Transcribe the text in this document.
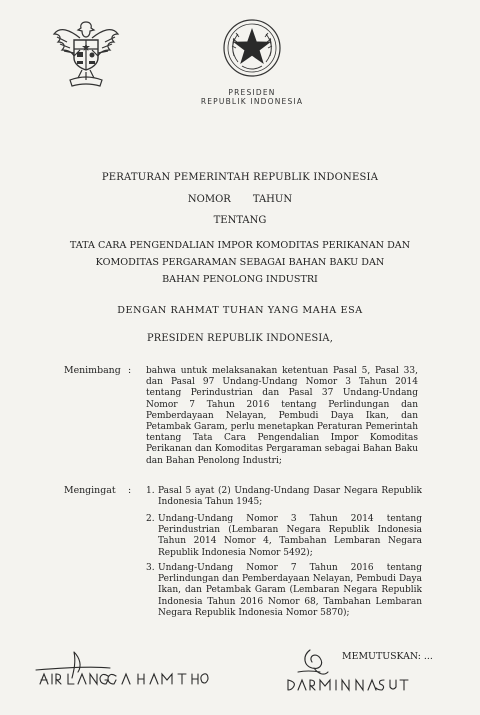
PRESIDEN
REPUBLIK INDONESIA
PERATURAN PEMERINTAH REPUBLIK INDONESIA
NOMOR TAHUN
TENTANG
TATA CARA PENGENDALIAN IMPOR KOMODITAS PERIKANAN DAN
KOMODITAS PERGARAMAN SEBAGAI BAHAN BAKU DAN
BAHAN PENOLONG INDUSTRI
DENGAN RAHMAT TUHAN YANG MAHA ESA
PRESIDEN REPUBLIK INDONESIA,
Menimbang : bahwa untuk melaksanakan ketentuan Pasal 5, Pasal 33, dan Pasal 97 Undang-Undang Nomor 3 Tahun 2014 tentang Perindustrian dan Pasal 37 Undang-Undang Nomor 7 Tahun 2016 tentang Perlindungan dan Pemberdayaan Nelayan, Pembudi Daya Ikan, dan Petambak Garam, perlu menetapkan Peraturan Pemerintah tentang Tata Cara Pengendalian Impor Komoditas Perikanan dan Komoditas Pergaraman sebagai Bahan Baku dan Bahan Penolong Industri;
Mengingat : 1. Pasal 5 ayat (2) Undang-Undang Dasar Negara Republik Indonesia Tahun 1945;
2. Undang-Undang Nomor 3 Tahun 2014 tentang Perindustrian (Lembaran Negara Republik Indonesia Tahun 2014 Nomor 4, Tambahan Lembaran Negara Republik Indonesia Nomor 5492);
3. Undang-Undang Nomor 7 Tahun 2016 tentang Perlindungan dan Pemberdayaan Nelayan, Pembudi Daya Ikan, dan Petambak Garam (Lembaran Negara Republik Indonesia Tahun 2016 Nomor 68, Tambahan Lembaran Negara Republik Indonesia Nomor 5870);
MEMUTUSKAN: ...
